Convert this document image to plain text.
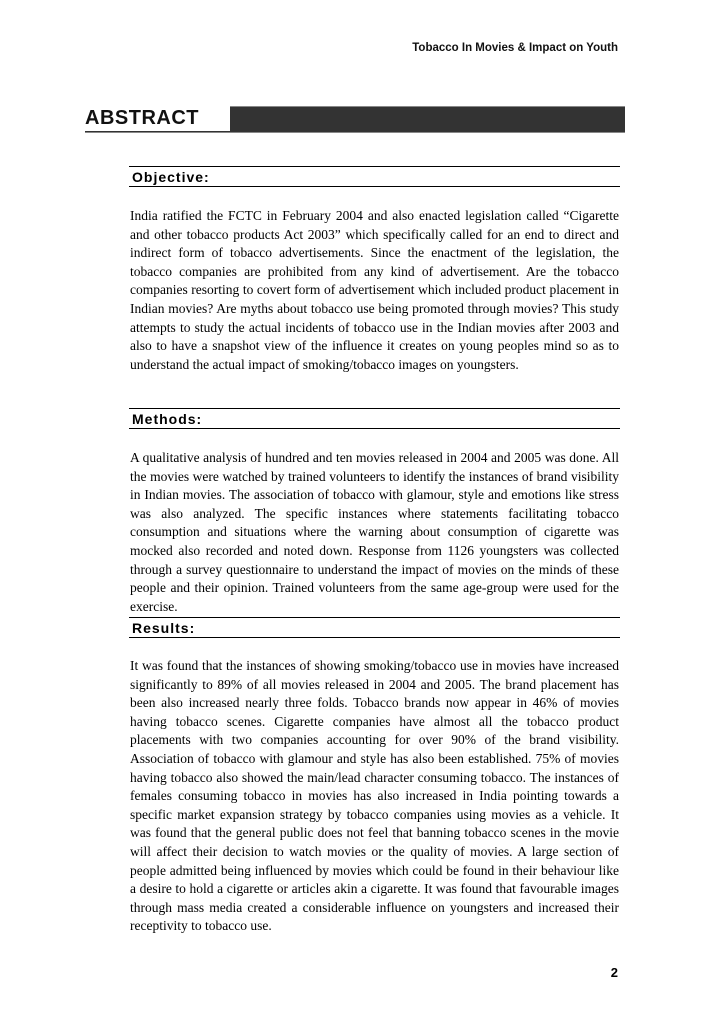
Tobacco In Movies & Impact on Youth
ABSTRACT
Objective:

India ratified the FCTC in February 2004 and also enacted legislation called “Cigarette and other tobacco products Act 2003” which specifically called for an end to direct and indirect form of tobacco advertisements. Since the enactment of the legislation, the tobacco companies are prohibited from any kind of advertisement. Are the tobacco companies resorting to covert form of advertisement which included product placement in Indian movies? Are myths about tobacco use being promoted through movies? This study attempts to study the actual incidents of tobacco use in the Indian movies after 2003 and also to have a snapshot view of the influence it creates on young peoples mind so as to understand the actual impact of smoking/tobacco images on youngsters.

Methods:

A qualitative analysis of hundred and ten movies released in 2004 and 2005 was done. All the movies were watched by trained volunteers to identify the instances of brand visibility in Indian movies. The association of tobacco with glamour, style and emotions like stress was also analyzed. The specific instances where statements facilitating tobacco consumption and situations where the warning about consumption of cigarette was mocked also recorded and noted down. Response from 1126 youngsters was collected through a survey questionnaire to understand the impact of movies on the minds of these people and their opinion. Trained volunteers from the same age-group were used for the exercise.

Results:

It was found that the instances of showing smoking/tobacco use in movies have increased significantly to 89% of all movies released in 2004 and 2005. The brand placement has been also increased nearly three folds. Tobacco brands now appear in 46% of movies having tobacco scenes. Cigarette companies have almost all the tobacco product placements with two companies accounting for over 90% of the brand visibility. Association of tobacco with glamour and style has also been established. 75% of movies having tobacco also showed the main/lead character consuming tobacco. The instances of females consuming tobacco in movies has also increased in India pointing towards a specific market expansion strategy by tobacco companies using movies as a vehicle. It was found that the general public does not feel that banning tobacco scenes in the movie will affect their decision to watch movies or the quality of movies. A large section of people admitted being influenced by movies which could be found in their behaviour like a desire to hold a cigarette or articles akin a cigarette. It was found that favourable images through mass media created a considerable influence on youngsters and increased their receptivity to tobacco use.

2
